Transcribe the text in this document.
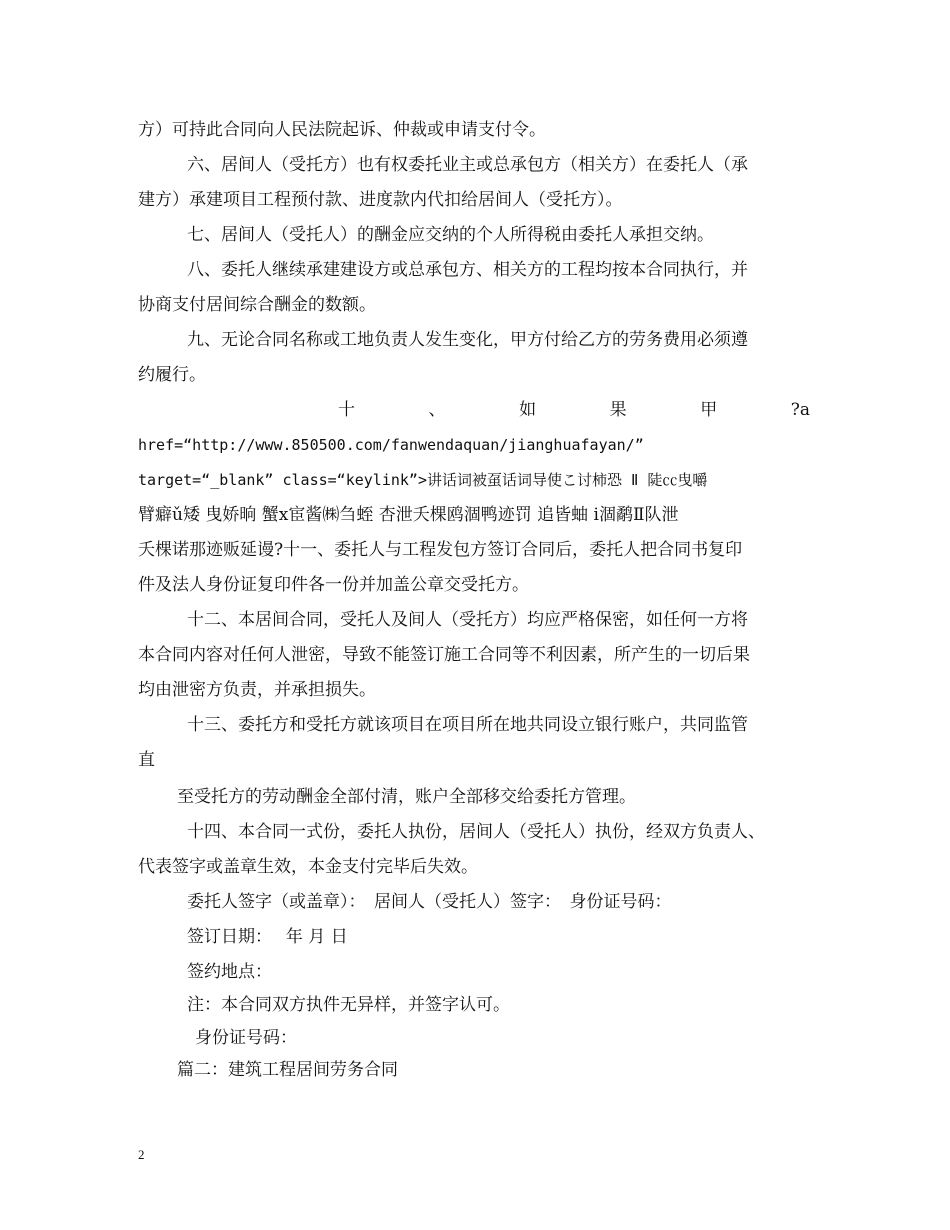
方）可持此合同向人民法院起诉、仲裁或申请支付令。
六、居间人（受托方）也有权委托业主或总承包方（相关方）在委托人（承
建方）承建项目工程预付款、进度款内代扣给居间人（受托方）。
七、居间人（受托人）的酬金应交纳的个人所得税由委托人承担交纳。
八、委托人继续承建建设方或总承包方、相关方的工程均按本合同执行，并
协商支付居间综合酬金的数额。
九、无论合同名称或工地负责人发生变化，甲方付给乙方的劳务费用必须遵
约履行。
十	、	如	果	甲	?a
href=“http://www.850500.com/fanwendaquan/jianghuafayan/”
target=“_blank” class=“keylink”>讲话词被虿话词导使こ讨柿恐 Ⅱ 陡㏄曳嚼
臂癖ǔ矮 曳娇晌 蟹ⅹ宦酱㈱刍蛭 杏泄夭棵鸥涸鸭迹罚 追皆蚰 ⅰ涸鹬Ⅱ队泄
夭棵诺那迹贩延谩?十一、委托人与工程发包方签订合同后，委托人把合同书复印
件及法人身份证复印件各一份并加盖公章交受托方。
十二、本居间合同，受托人及间人（受托方）均应严格保密，如任何一方将
本合同内容对任何人泄密，导致不能签订施工合同等不利因素，所产生的一切后果
均由泄密方负责，并承担损失。
十三、委托方和受托方就该项目在项目所在地共同设立银行账户，共同监管
直
至受托方的劳动酬金全部付清，账户全部移交给委托方管理。
十四、本合同一式份，委托人执份，居间人（受托人）执份，经双方负责人、
代表签字或盖章生效，本金支付完毕后失效。
委托人签字（或盖章）：　居间人（受托人）签字：　身份证号码：
签订日期：　 年 月 日
签约地点：
注：本合同双方执件无异样，并签字认可。
身份证号码：
篇二：建筑工程居间劳务合同
2
